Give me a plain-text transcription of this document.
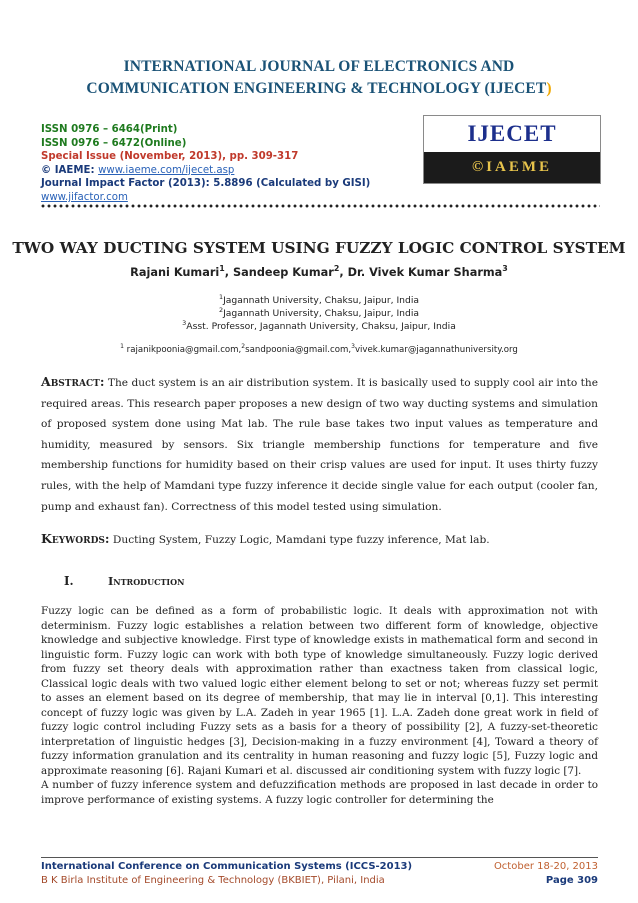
INTERNATIONAL JOURNAL OF ELECTRONICS AND
COMMUNICATION ENGINEERING & TECHNOLOGY (IJECET)
ISSN 0976 – 6464(Print)
ISSN 0976 – 6472(Online)
Special Issue (November, 2013), pp. 309-317
© IAEME: www.iaeme.com/ijecet.asp
Journal Impact Factor (2013): 5.8896 (Calculated by GISI)
www.jifactor.com
IJECET
©IAEME
TWO WAY DUCTING SYSTEM USING FUZZY LOGIC CONTROL SYSTEM
Rajani Kumari$^1$, Sandeep Kumar$^2$, Dr. Vivek Kumar Sharma$^3$
$^1$Jagannath University, Chaksu, Jaipur, India
$^2$Jagannath University, Chaksu, Jaipur, India
$^3$Asst. Professor, Jagannath University, Chaksu, Jaipur, India
$^1$ rajanikpoonia@gmail.com,$^2$sandpoonia@gmail.com,$^3$vivek.kumar@jagannathuniversity.org
Abstract: The duct system is an air distribution system. It is basically used to supply cool air into the required areas. This research paper proposes a new design of two way ducting systems and simulation of proposed system done using Mat lab. The rule base takes two input values as temperature and humidity, measured by sensors. Six triangle membership functions for temperature and five membership functions for humidity based on their crisp values are used for input. It uses thirty fuzzy rules, with the help of Mamdani type fuzzy inference it decide single value for each output (cooler fan, pump and exhaust fan). Correctness of this model tested using simulation.
Keywords: Ducting System, Fuzzy Logic, Mamdani type fuzzy inference, Mat lab.
I.	Introduction

Fuzzy logic can be defined as a form of probabilistic logic. It deals with approximation not with determinism. Fuzzy logic establishes a relation between two different form of knowledge, objective knowledge and subjective knowledge. First type of knowledge exists in mathematical form and second in linguistic form. Fuzzy logic can work with both type of knowledge simultaneously. Fuzzy logic derived from fuzzy set theory deals with approximation rather than exactness taken from classical logic, Classical logic deals with two valued logic either element belong to set or not; whereas fuzzy set permit to asses an element based on its degree of membership, that may lie in interval [0,1]. This interesting concept of fuzzy logic was given by L.A. Zadeh in year 1965 [1]. L.A. Zadeh done great work in field of fuzzy logic control including Fuzzy sets as a basis for a theory of possibility [2], A fuzzy-set-theoretic interpretation of linguistic hedges [3], Decision-making in a fuzzy environment [4], Toward a theory of fuzzy information granulation and its centrality in human reasoning and fuzzy logic [5], Fuzzy logic and approximate reasoning [6]. Rajani Kumari et al. discussed air conditioning system with fuzzy logic [7].

A number of fuzzy inference system and defuzzification methods are proposed in last decade in order to improve performance of existing systems. A fuzzy logic controller for determining the

International Conference on Communication Systems (ICCS-2013)	October 18-20, 2013
B K Birla Institute of Engineering & Technology (BKBIET), Pilani, India	Page 309
